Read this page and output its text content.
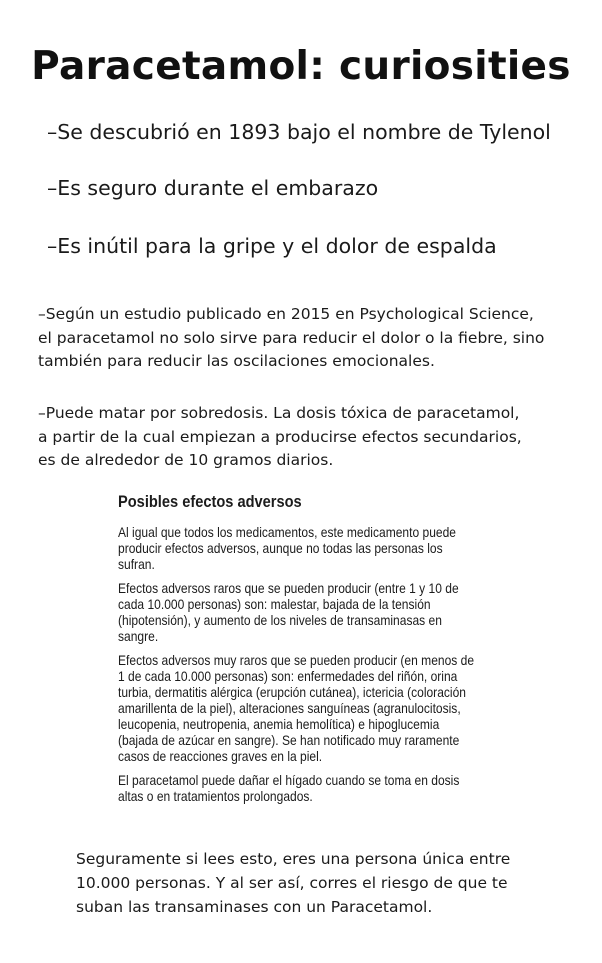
Paracetamol: curiosities
–Se descubrió en 1893 bajo el nombre de Tylenol
–Es seguro durante el embarazo
–Es inútil para la gripe y el dolor de espalda
–Según un estudio publicado en 2015 en Psychological Science,
el paracetamol no solo sirve para reducir el dolor o la fiebre, sino
también para reducir las oscilaciones emocionales.
–Puede matar por sobredosis. La dosis tóxica de paracetamol,
a partir de la cual empiezan a producirse efectos secundarios,
es de alrededor de 10 gramos diarios.
Posibles efectos adversos
Al igual que todos los medicamentos, este medicamento puede
producir efectos adversos, aunque no todas las personas los
sufran.
Efectos adversos raros que se pueden producir (entre 1 y 10 de
cada 10.000 personas) son: malestar, bajada de la tensión
(hipotensión), y aumento de los niveles de transaminasas en
sangre.
Efectos adversos muy raros que se pueden producir (en menos de
1 de cada 10.000 personas) son: enfermedades del riñón, orina
turbia, dermatitis alérgica (erupción cutánea), ictericia (coloración
amarillenta de la piel), alteraciones sanguíneas (agranulocitosis,
leucopenia, neutropenia, anemia hemolítica) e hipoglucemia
(bajada de azúcar en sangre). Se han notificado muy raramente
casos de reacciones graves en la piel.
El paracetamol puede dañar el hígado cuando se toma en dosis
altas o en tratamientos prolongados.
Seguramente si lees esto, eres una persona única entre
10.000 personas. Y al ser así, corres el riesgo de que te
suban las transaminases con un Paracetamol.
